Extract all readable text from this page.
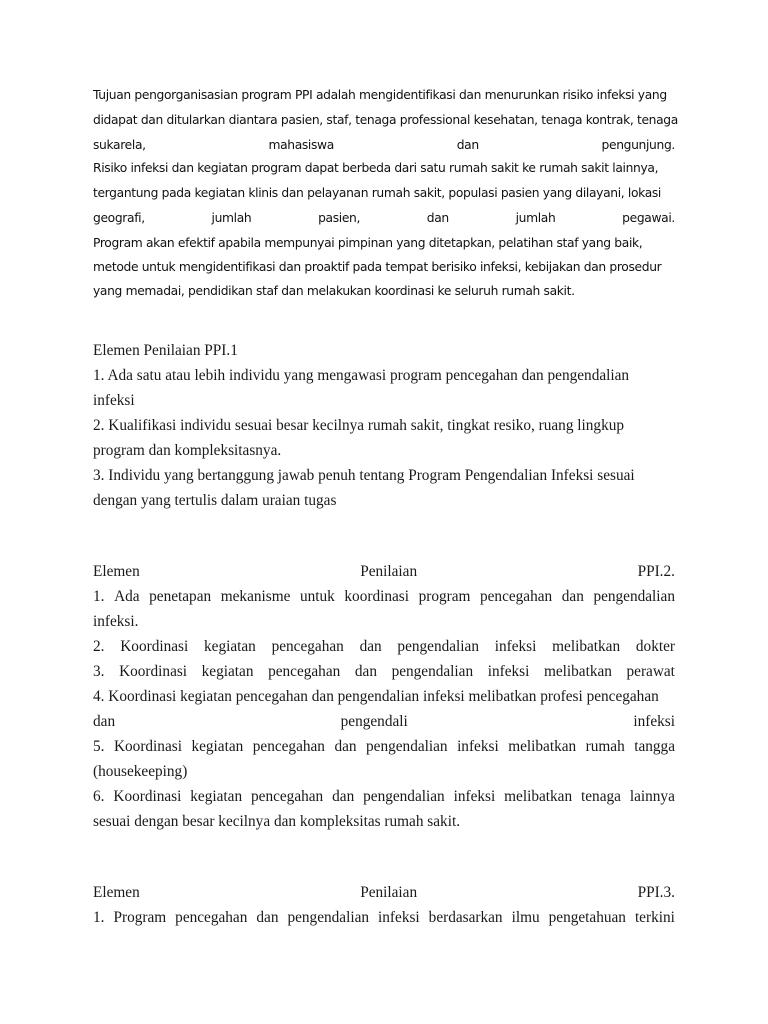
Tujuan pengorganisasian program PPI adalah mengidentifikasi dan menurunkan risiko infeksi yang
didapat dan ditularkan diantara pasien, staf, tenaga professional kesehatan, tenaga kontrak, tenaga
sukarela,	mahasiswa	dan	pengunjung.
Risiko infeksi dan kegiatan program dapat berbeda dari satu rumah sakit ke rumah sakit lainnya,
tergantung pada kegiatan klinis dan pelayanan rumah sakit, populasi pasien yang dilayani, lokasi
geografi,	jumlah	pasien,	dan	jumlah	pegawai.
Program akan efektif apabila mempunyai pimpinan yang ditetapkan, pelatihan staf yang baik,
metode untuk mengidentifikasi dan proaktif pada tempat berisiko infeksi, kebijakan dan prosedur
yang memadai, pendidikan staf dan melakukan koordinasi ke seluruh rumah sakit.
Elemen Penilaian PPI.1
1. Ada satu atau lebih individu yang mengawasi program pencegahan dan pengendalian
infeksi
2. Kualifikasi individu sesuai besar kecilnya rumah sakit, tingkat resiko, ruang lingkup
program dan kompleksitasnya.
3. Individu yang bertanggung jawab penuh tentang Program Pengendalian Infeksi sesuai
dengan yang tertulis dalam uraian tugas
Elemen	Penilaian	PPI.2.
1. Ada penetapan mekanisme untuk koordinasi program pencegahan dan pengendalian
infeksi.
2. Koordinasi kegiatan pencegahan dan pengendalian infeksi melibatkan dokter
3. Koordinasi kegiatan pencegahan dan pengendalian infeksi melibatkan perawat
4. Koordinasi kegiatan pencegahan dan pengendalian infeksi melibatkan profesi pencegahan
dan	pengendali	infeksi
5. Koordinasi kegiatan pencegahan dan pengendalian infeksi melibatkan rumah tangga
(housekeeping)
6. Koordinasi kegiatan pencegahan dan pengendalian infeksi melibatkan tenaga lainnya
sesuai dengan besar kecilnya dan kompleksitas rumah sakit.
Elemen	Penilaian	PPI.3.
1. Program pencegahan dan pengendalian infeksi berdasarkan ilmu pengetahuan terkini
